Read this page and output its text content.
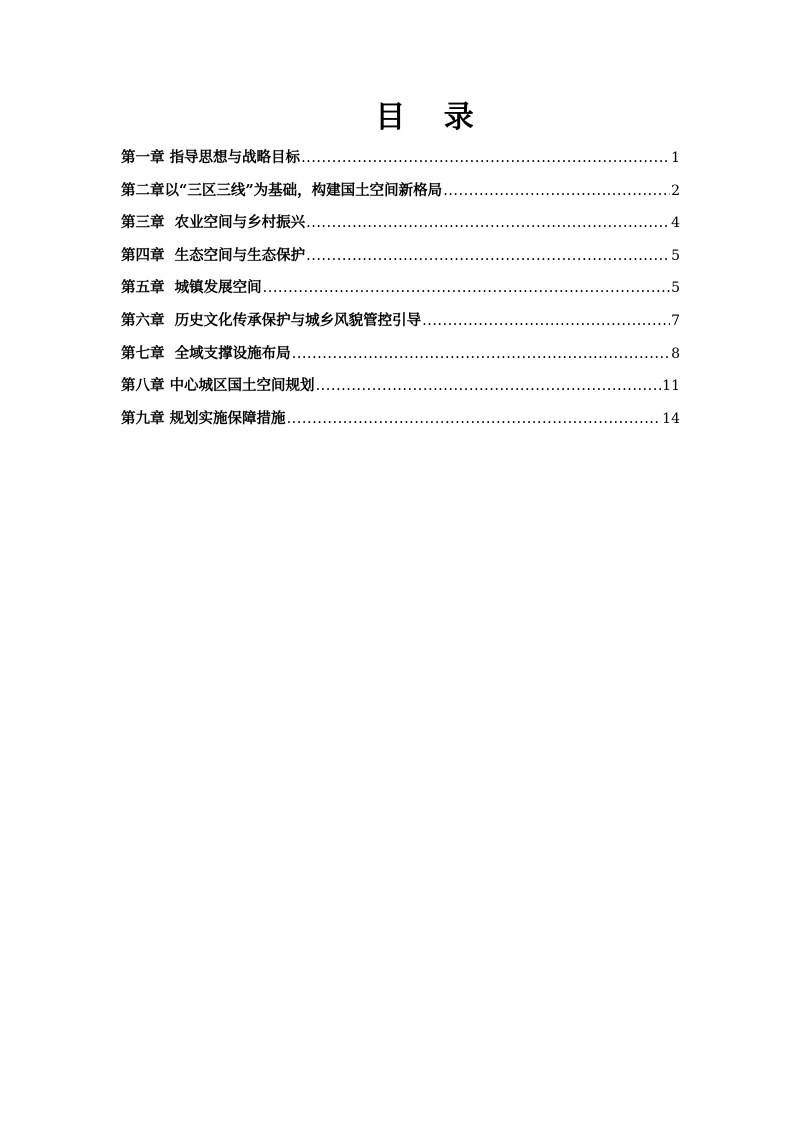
目 录
第一章 指导思想与战略目标 .....	1
第二章以“三区三线”为基础，构建国土空间新格局 .....	2
第三章 农业空间与乡村振兴 .....	4
第四章 生态空间与生态保护 .....	5
第五章 城镇发展空间 .....	5
第六章 历史文化传承保护与城乡风貌管控引导 .....	7
第七章 全域支撑设施布局 .....	8
第八章 中心城区国土空间规划 .....	11
第九章 规划实施保障措施 .....	14
